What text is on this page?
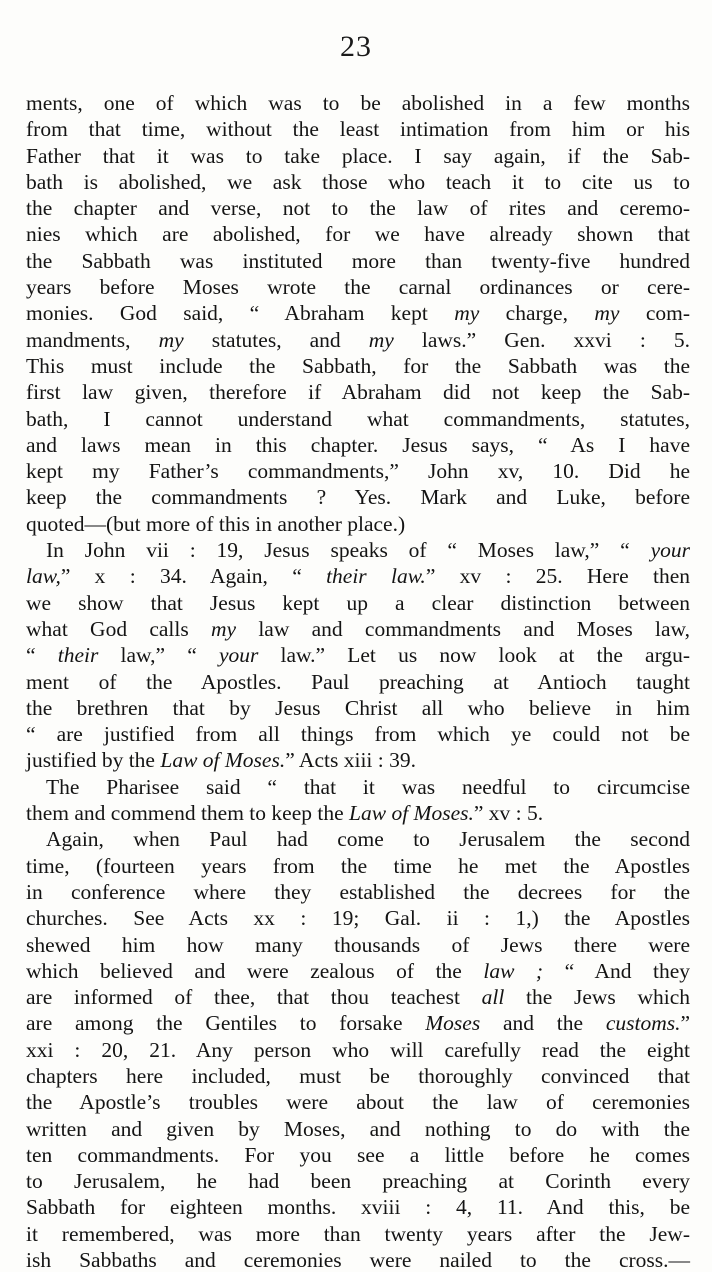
23
ments, one of which was to be abolished in a few months
from that time, without the least intimation from him or his
Father that it was to take place. I say again, if the Sab-
bath is abolished, we ask those who teach it to cite us to
the chapter and verse, not to the law of rites and ceremo-
nies which are abolished, for we have already shown that
the Sabbath was instituted more than twenty-five hundred
years before Moses wrote the carnal ordinances or cere-
monies. God said, “ Abraham kept my charge, my com-
mandments, my statutes, and my laws.” Gen. xxvi : 5.
This must include the Sabbath, for the Sabbath was the
first law given, therefore if Abraham did not keep the Sab-
bath, I cannot understand what commandments, statutes,
and laws mean in this chapter. Jesus says, “ As I have
kept my Father’s commandments,” John xv, 10. Did he
keep the commandments ? Yes. Mark and Luke, before
quoted—(but more of this in another place.)
In John vii : 19, Jesus speaks of “ Moses law,” “ your
law,” x : 34. Again, “ their law.” xv : 25. Here then
we show that Jesus kept up a clear distinction between
what God calls my law and commandments and Moses law,
“ their law,” “ your law.” Let us now look at the argu-
ment of the Apostles. Paul preaching at Antioch taught
the brethren that by Jesus Christ all who believe in him
“ are justified from all things from which ye could not be
justified by the Law of Moses.” Acts xiii : 39.
The Pharisee said “ that it was needful to circumcise
them and commend them to keep the Law of Moses.” xv : 5.
Again, when Paul had come to Jerusalem the second
time, (fourteen years from the time he met the Apostles
in conference where they established the decrees for the
churches. See Acts xx : 19; Gal. ii : 1,) the Apostles
shewed him how many thousands of Jews there were
which believed and were zealous of the law ; “ And they
are informed of thee, that thou teachest all the Jews which
are among the Gentiles to forsake Moses and the customs.”
xxi : 20, 21. Any person who will carefully read the eight
chapters here included, must be thoroughly convinced that
the Apostle’s troubles were about the law of ceremonies
written and given by Moses, and nothing to do with the
ten commandments. For you see a little before he comes
to Jerusalem, he had been preaching at Corinth every
Sabbath for eighteen months. xviii : 4, 11. And this, be
it remembered, was more than twenty years after the Jew-
ish Sabbaths and ceremonies were nailed to the cross.—
